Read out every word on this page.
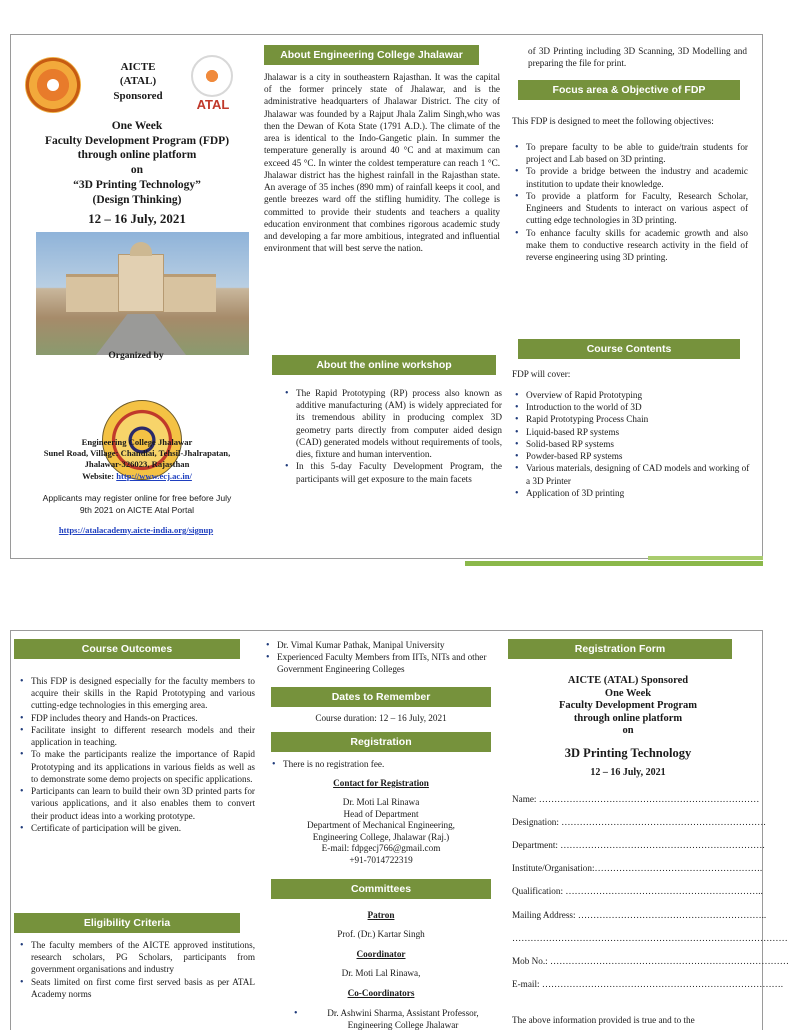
AICTE
(ATAL)
Sponsored
ATAL
One Week
Faculty Development Program (FDP)
through online platform
on
“3D Printing Technology”
(Design Thinking)
12 – 16 July, 2021
Organized by
Engineering College Jhalawar
Sunel Road, Village: Chandlai, Tehsil-Jhalrapatan,
Jhalawar-326023, Rajasthan
Website: http://www.ecj.ac.in/
Applicants may register online for free before July 9th 2021 on AICTE Atal Portal
https://atalacademy.aicte-india.org/signup
About Engineering College Jhalawar
Jhalawar is a city in southeastern Rajasthan. It was the capital of the former princely state of Jhalawar, and is the administrative headquarters of Jhalawar District. The city of Jhalawar was founded by a Rajput Jhala Zalim Singh,who was then the Dewan of Kota State (1791 A.D.). The climate of the area is identical to the Indo-Gangetic plain. In summer the temperature generally is around 40 °C and at maximum can exceed 45 °C. In winter the coldest temperature can reach 1 °C. Jhalawar district has the highest rainfall in the Rajasthan state. An average of 35 inches (890 mm) of rainfall keeps it cool, and gentle breezes ward off the stifling humidity. The college is committed to provide their students and teachers a quality education environment that combines rigorous academic study and developing a far more ambitious, integrated and influential environment that will best serve the nation.
About the online workshop
• The Rapid Prototyping (RP) process also known as additive manufacturing (AM) is widely appreciated for its tremendous ability in producing complex 3D geometry parts directly from computer aided design (CAD) generated models without requirements of tools, dies, fixture and human intervention.
• In this 5-day Faculty Development Program, the participants will get exposure to the main facets
of 3D Printing including 3D Scanning, 3D Modelling and preparing the file for print.
Focus area & Objective of FDP
This FDP is designed to meet the following objectives:
• To prepare faculty to be able to guide/train students for project and Lab based on 3D printing.
• To provide a bridge between the industry and academic institution to update their knowledge.
• To provide a platform for Faculty, Research Scholar, Engineers and Students to interact on various aspect of cutting edge technologies in 3D printing.
• To enhance faculty skills for academic growth and also make them to conductive research activity in the field of reverse engineering using 3D printing.
Course Contents
FDP will cover:
• Overview of Rapid Prototyping
• Introduction to the world of 3D
• Rapid Prototyping Process Chain
• Liquid-based RP systems
• Solid-based RP systems
• Powder-based RP systems
• Various materials, designing of CAD models and working of a 3D Printer
• Application of 3D printing
Course Outcomes
• This FDP is designed especially for the faculty members to acquire their skills in the Rapid Prototyping and various cutting-edge technologies in this emerging area.
• FDP includes theory and Hands-on Practices.
• Facilitate insight to different research models and their application in teaching.
• To make the participants realize the importance of Rapid Prototyping and its applications in various fields as well as to demonstrate some demo projects on specific applications.
• Participants can learn to build their own 3D printed parts for various applications, and it also enables them to convert their product ideas into a working prototype.
• Certificate of participation will be given.
Eligibility Criteria
• The faculty members of the AICTE approved institutions, research scholars, PG Scholars, participants from government organisations and industry
• Seats limited on first come first served basis as per ATAL Academy norms
• Dr. Vimal Kumar Pathak, Manipal University
• Experienced Faculty Members from IITs, NITs and other Government Engineering Colleges
Dates to Remember
Course duration: 12 – 16 July, 2021
Registration
• There is no registration fee.
Contact for Registration
Dr. Moti Lal Rinawa
Head of Department
Department of Mechanical Engineering,
Engineering College, Jhalawar (Raj.)
E-mail: fdpgecj766@gmail.com
+91-7014722319
Committees
Patron
Prof. (Dr.) Kartar Singh
Coordinator
Dr. Moti Lal Rinawa,
Co-Coordinators
• Dr. Ashwini Sharma, Assistant Professor, Engineering College Jhalawar
Registration Form
AICTE (ATAL) Sponsored
One Week
Faculty Development Program
through online platform
on
3D Printing Technology
12 – 16 July, 2021
Name: ………………………………………………………………
Designation: ………………………………………………………….
Department: ………………………………………………………….
Institute/Organisation:……………………………………………….
Qualification: ………………………………………………………..
Mailing Address: ……………………………………………………..
………………………………………………………………………………
Mob No.: ……………………………………………………………………
E-mail: …………………………………………………………………….
The above information provided is true and to the
